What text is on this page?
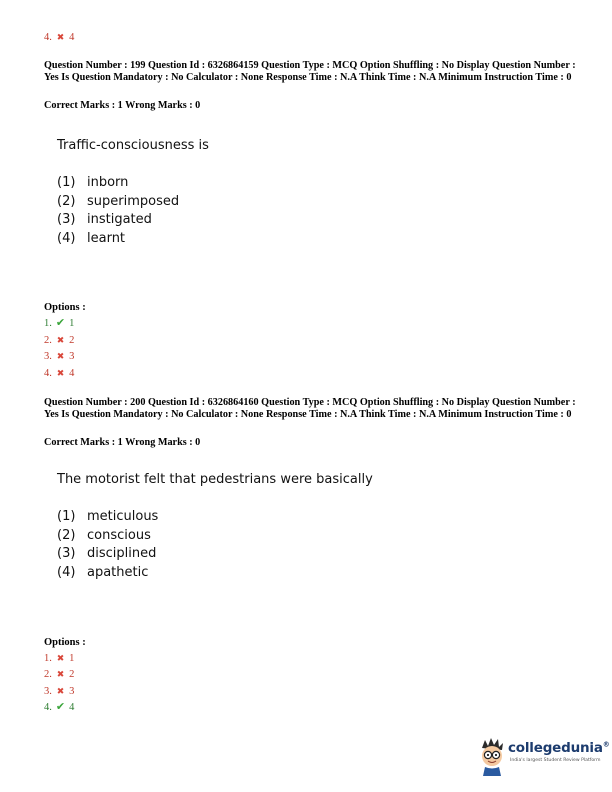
4. ✖ 4
Question Number : 199 Question Id : 6326864159 Question Type : MCQ Option Shuffling : No Display Question Number : Yes Is Question Mandatory : No Calculator : None Response Time : N.A Think Time : N.A Minimum Instruction Time : 0
Correct Marks : 1 Wrong Marks : 0
Traffic-consciousness is
(1) inborn
(2) superimposed
(3) instigated
(4) learnt
Options :
1. ✔ 1
2. ✖ 2
3. ✖ 3
4. ✖ 4
Question Number : 200 Question Id : 6326864160 Question Type : MCQ Option Shuffling : No Display Question Number : Yes Is Question Mandatory : No Calculator : None Response Time : N.A Think Time : N.A Minimum Instruction Time : 0
Correct Marks : 1 Wrong Marks : 0
The motorist felt that pedestrians were basically
(1) meticulous
(2) conscious
(3) disciplined
(4) apathetic
Options :
1. ✖ 1
2. ✖ 2
3. ✖ 3
4. ✔ 4
collegedunia®
India's largest Student Review Platform
